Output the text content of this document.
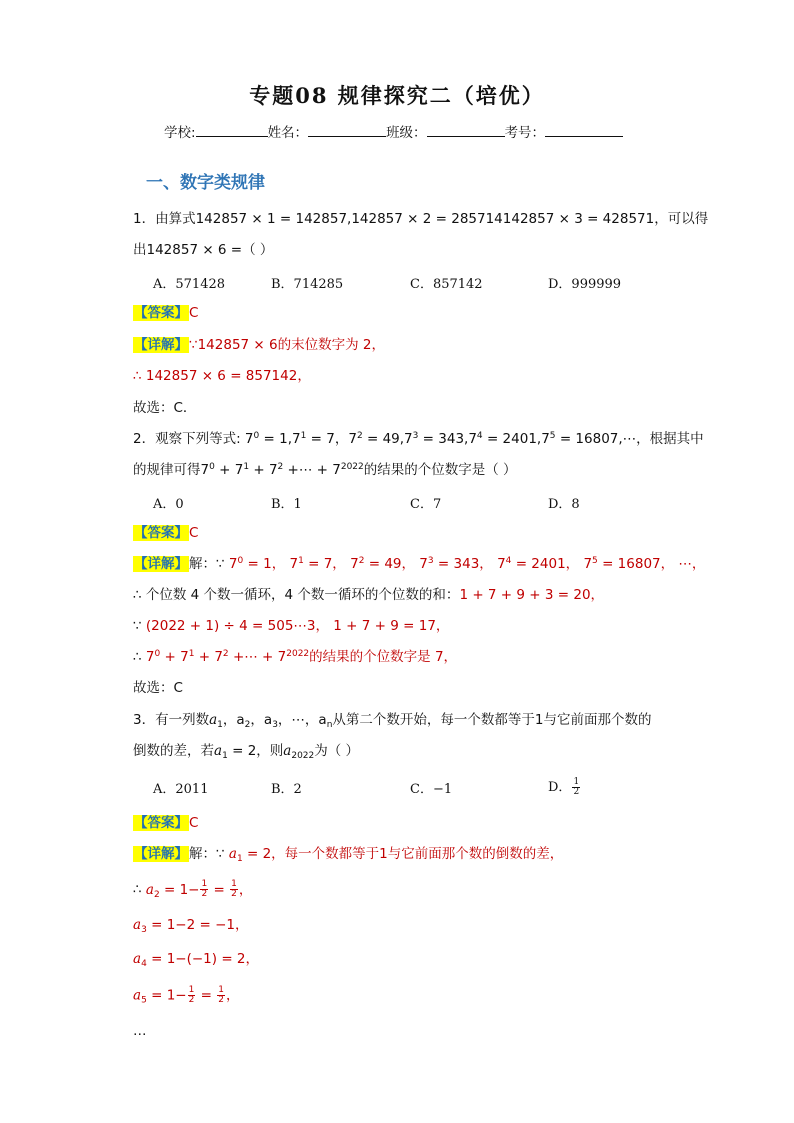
专题08 规律探究二（培优）
学校:	姓名：	班级：	考号：
一、数字类规律
1．由算式142857 × 1 = 142857,142857 × 2 = 285714142857 × 3 = 428571，可以得
出142857 × 6 =（ ）
A．571428	B．714285	C．857142	D．999999
【答案】C
【详解】∵142857 × 6的末位数字为 2，
∴ 142857 × 6 = 857142，
故选：C．
2．观察下列等式: $7^0 = 1,7^1 = 7$，$7^2 = 49,7^3 = 343,7^4 = 2401,7^5$ = 16807,⋯，根据其中
的规律可得$7^0 + 7^1 + 7^2$ +⋯ + $7^{2022}$的结果的个位数字是（ ）
A．0	B．1	C．7	D．8
【答案】C
【详解】解：∵ $7^0 = 1$， $7^1 = 7$， $7^2 = 49$， $7^3 = 343$， $7^4 = 2401$， $7^5 = 16807$， ⋯，
∴ 个位数 4 个数一循环，4 个数一循环的个位数的和：1 + 7 + 9 + 3 = 20，
∵ (2022 + 1) ÷ 4 = 505⋯3， 1 + 7 + 9 = 17，
∴ $7^0 + 7^1 + 7^2$ +⋯ + $7^{2022}$的结果的个位数字是 7，
故选：C
3．有一列数$a_1$，$a_2$，$a_3$，⋯，$a_n$从第二个数开始，每一个数都等于1与它前面那个数的
倒数的差，若$a_1 = 2$，则$a_{2022}$为（ ）
A．2011	B．2	C．−1	D． $\frac{1}{2}$
【答案】C
【详解】解：∵ $a_1 = 2$，每一个数都等于1与它前面那个数的倒数的差，
∴ $a_2 = 1- \frac{1}{2} = \frac{1}{2}$ ，
$a_3 = 1-2 = -1$，
$a_4 = 1-(-1) = 2$，
$a_5 = 1- \frac{1}{2} = \frac{1}{2}$ ，
…
